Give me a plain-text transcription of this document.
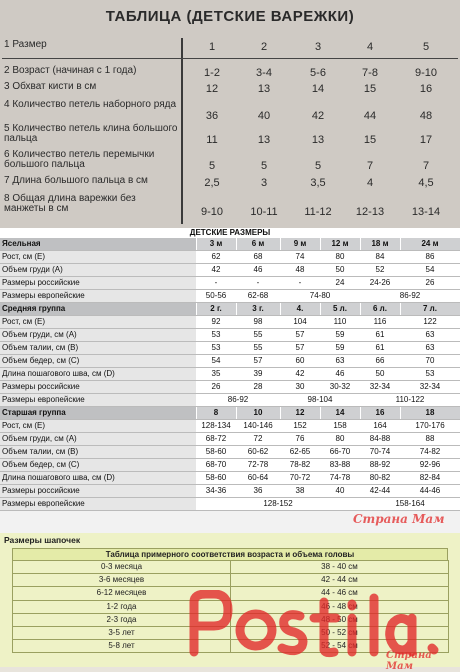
ТАБЛИЦА (ДЕТСКИЕ ВАРЕЖКИ)
1 Размер	1	2	3	4	5
2 Возраст (начиная с 1 года)	1-2	3-4	5-6	7-8	9-10
3 Обхват кисти в см	12	13	14	15	16
4 Количество петель наборного ряда
36	40	42	44	48
5 Количество петель клина большого пальца	11	13	13	15	17
6 Количество петель перемычки большого пальца	5	5	5	7	7
7 Длина большого пальца в см	2,5	3	3,5	4	4,5
8 Общая длина варежки без манжеты в см	9-10	10-11	11-12	12-13	13-14
ДЕТСКИЕ РАЗМЕРЫ
Ясельная	3 м	6 м	9 м	12 м	18 м	24 м
Рост, см (E)	62	68	74	80	84	86
Объем груди (A)	42	46	48	50	52	54
Размеры российские	-	-	-	24	24-26	26
Размеры европейские	50-56	62-68	74-80		86-92	
Средняя группа	2 г.	3 г.	4.	5 л.	6 л.	7 л.
Рост, см (E)	92	98	104	110	116	122
Объем груди, см (A)	53	55	57	59	61	63
Объем талии, см (B)	53	55	57	59	61	63
Объем бедер, см (C)	54	57	60	63	66	70
Длина пошагового шва, см (D)	35	39	42	46	50	53
Размеры российские	26	28	30	30-32	32-34	32-34
Размеры европейские	86-92		98-104		110-122	
Старшая группа	8	10	12	14	16	18
Рост, см (E)	128-134	140-146	152	158	164	170-176
Объем груди, см (A)	68-72	72	76	80	84-88	88
Объем талии, см (B)	58-60	60-62	62-65	66-70	70-74	74-82
Объем бедер, см (C)	68-70	72-78	78-82	83-88	88-92	92-96
Длина пошагового шва, см (D)	58-60	60-64	70-72	74-78	80-82	82-84
Размеры российские	34-36	36	38	40	42-44	44-46
Размеры европейские	128-152				158-164	
Размеры шапочек
Таблица примерного соответствия возраста и объема головы
0-3 месяца	38 - 40 см
3-6 месяцев	42 - 44 см
6-12 месяцев	44 - 46 см
1-2 года	46 - 48 см
2-3 года	48 - 50 см
3-5 лет	50 - 52 см
5-8 лет	52 - 54 см
Страна Мам
Страна Мам
